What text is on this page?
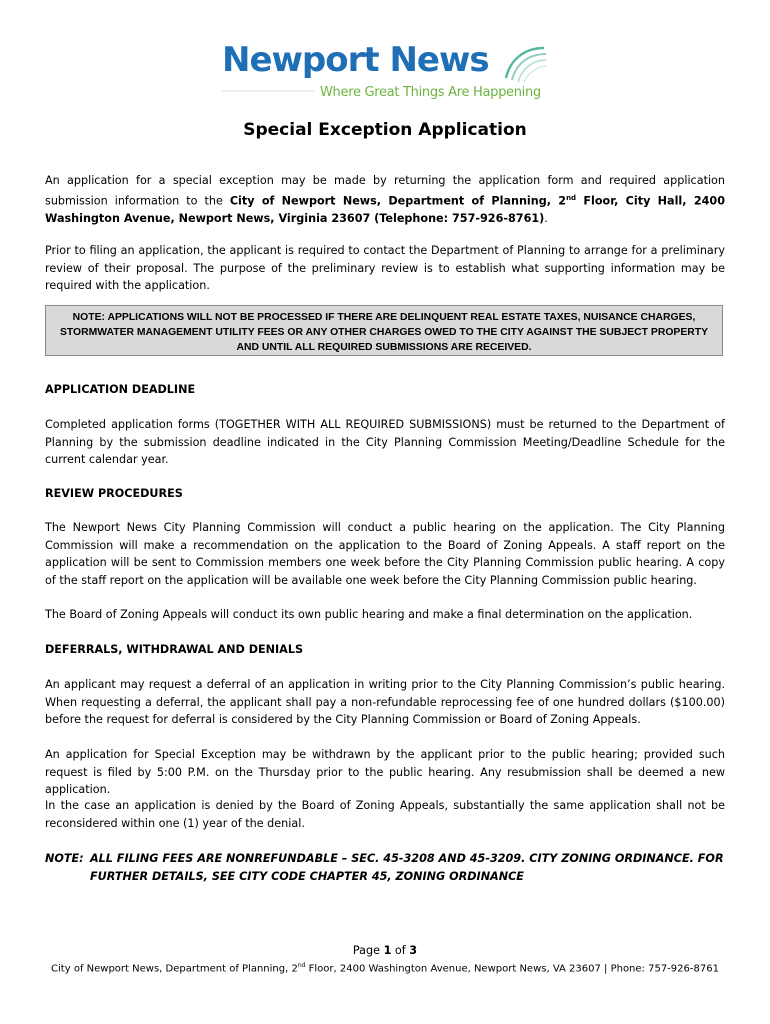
Newport News
Where Great Things Are Happening
Special Exception Application

An application for a special exception may be made by returning the application form and required application submission information to the City of Newport News, Department of Planning, 2nd Floor, City Hall, 2400 Washington Avenue, Newport News, Virginia 23607 (Telephone: 757-926-8761).

Prior to filing an application, the applicant is required to contact the Department of Planning to arrange for a preliminary review of their proposal. The purpose of the preliminary review is to establish what supporting information may be required with the application.

NOTE: APPLICATIONS WILL NOT BE PROCESSED IF THERE ARE DELINQUENT REAL ESTATE TAXES, NUISANCE CHARGES, STORMWATER MANAGEMENT UTILITY FEES OR ANY OTHER CHARGES OWED TO THE CITY AGAINST THE SUBJECT PROPERTY AND UNTIL ALL REQUIRED SUBMISSIONS ARE RECEIVED.

APPLICATION DEADLINE

Completed application forms (TOGETHER WITH ALL REQUIRED SUBMISSIONS) must be returned to the Department of Planning by the submission deadline indicated in the City Planning Commission Meeting/Deadline Schedule for the current calendar year.

REVIEW PROCEDURES

The Newport News City Planning Commission will conduct a public hearing on the application. The City Planning Commission will make a recommendation on the application to the Board of Zoning Appeals. A staff report on the application will be sent to Commission members one week before the City Planning Commission public hearing. A copy of the staff report on the application will be available one week before the City Planning Commission public hearing.

The Board of Zoning Appeals will conduct its own public hearing and make a final determination on the application.

DEFERRALS, WITHDRAWAL AND DENIALS

An applicant may request a deferral of an application in writing prior to the City Planning Commission’s public hearing. When requesting a deferral, the applicant shall pay a non-refundable reprocessing fee of one hundred dollars ($100.00) before the request for deferral is considered by the City Planning Commission or Board of Zoning Appeals.

An application for Special Exception may be withdrawn by the applicant prior to the public hearing; provided such request is filed by 5:00 P.M. on the Thursday prior to the public hearing. Any resubmission shall be deemed a new application.

In the case an application is denied by the Board of Zoning Appeals, substantially the same application shall not be reconsidered within one (1) year of the denial.

NOTE: ALL FILING FEES ARE NONREFUNDABLE – SEC. 45-3208 AND 45-3209. CITY ZONING ORDINANCE. FOR FURTHER DETAILS, SEE CITY CODE CHAPTER 45, ZONING ORDINANCE
Page 1 of 3
City of Newport News, Department of Planning, 2nd Floor, 2400 Washington Avenue, Newport News, VA 23607 | Phone: 757-926-8761
